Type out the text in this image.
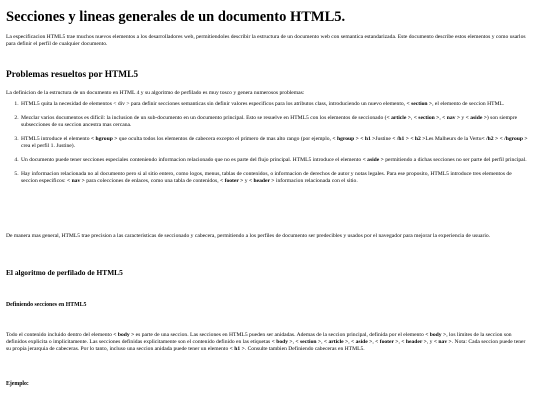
Secciones y lineas generales de un documento HTML5.

La especificacion HTML5 trae muchos nuevos elementos a los desarrolladores web, permitiendoles describir la estructura de un documento web con semantica estandarizada. Este documento describe estos elementos y como usarlos para definir el perfil de cualquier documento.

Problemas resueltos por HTML5

La definicion de la estructura de un documento en HTML 4 y su algoritmo de perfilado es muy tosco y genera numerosos problemas:

1. HTML5 quita la necesidad de elementos < div > para definir secciones semanticas sin definir valores especificos para los atributos class, introduciendo un nuevo elemento, < section >, el elemento de seccion HTML.
2. Mezclar varios documentos es dificil: la inclusion de un sub-documento en un documento principal. Esto se resuelve en HTML5 con los elementos de seccionado (< article >, < section >, < nav > y < aside >) son siempre subsecciones de su seccion ancestra mas cercana.
3. HTML5 introduce el elemento < hgroup > que oculta todos los elementos de cabecera excepto el primero de mas alto rango (por ejemplo, < hgroup > < h1 >Justine < /h1 > < h2 >Les Malheurs de la Vertu< /h2 > < /hgroup > crea el perfil 1. Justine).
4. Un documento puede tener secciones especiales conteniendo informacion relacionado que no es parte del flujo principal. HTML5 introduce el elemento < aside > permitiendo a dichas secciones no ser parte del perfil principal.
5. Hay informacion relacionada no al documento pero si al sitio entero, como logos, menus, tablas de contenidos, o informacion de derechos de autor y notas legales. Para ese proposito, HTML5 introduce tres elementos de seccion especificos: < nav > para colecciones de enlaces, como una tabla de contenidos, < footer > y < header > informacion relacionada con el sitio.

De manera mas general, HTML5 trae precision a las caracteristicas de seccionado y cabecera, permitiendo a los perfiles de documento ser predecibles y usados por el navegador para mejorar la experiencia de usuario.

El algoritmo de perfilado de HTML5
Definiendo secciones en HTML5

Todo el contenido incluido dentro del elemento < body > es parte de una seccion. Las secciones en HTML5 pueden ser anidadas. Ademas de la seccion principal, definida por el elemento < body >, los limites de la seccion son definidos explicita o implicitamente. Las secciones definidas explicitamente son el contenido definido en las etiquetas < body >, < section >, < article >, < aside >, < footer >, < header >, y < nav >. Nota: Cada seccion puede tener su propia jerarquia de cabeceras. Por lo tanto, incluso una seccion anidada puede tener un elemento < h1 >. Consulte tambien Definiendo cabeceras en HTML5.

Ejemplo:
